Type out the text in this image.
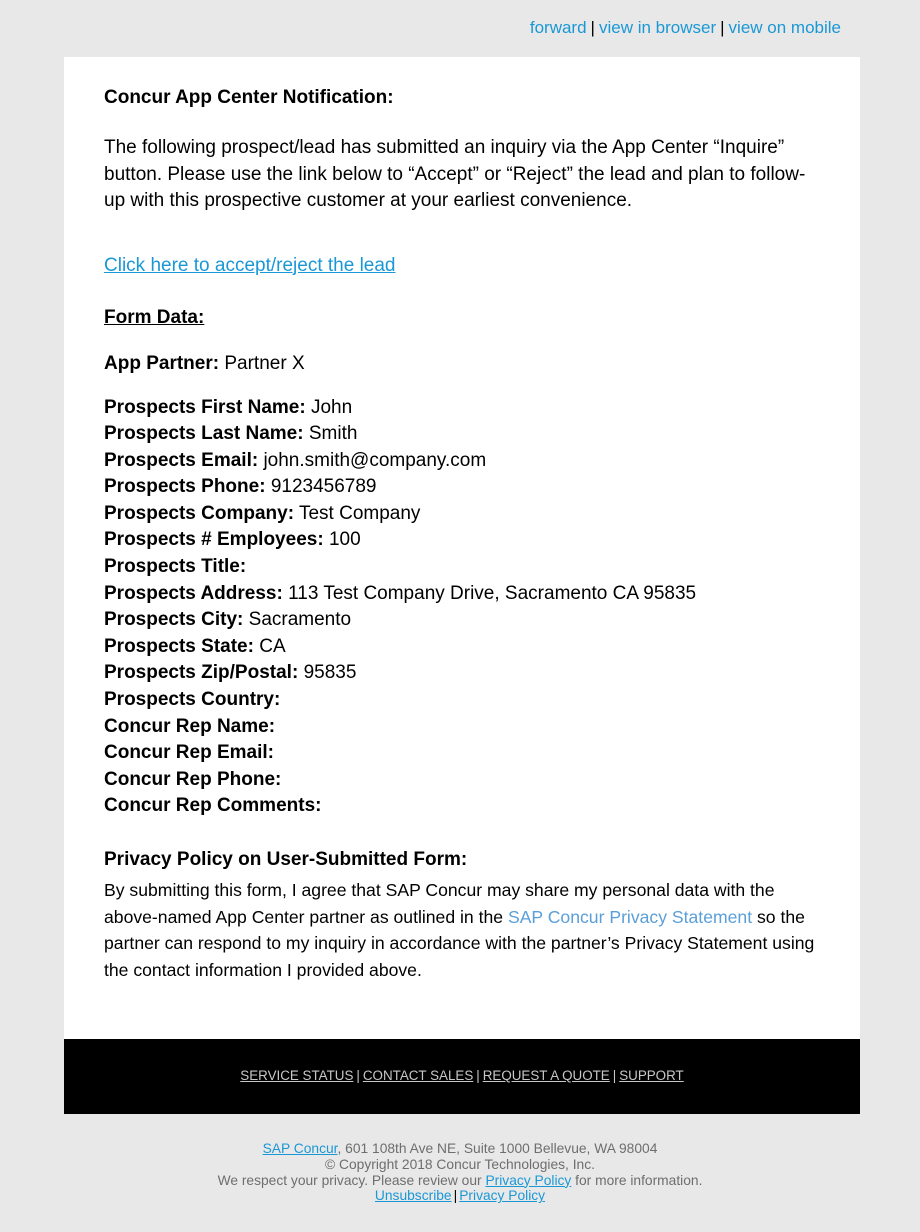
forward | view in browser | view on mobile

Concur App Center Notification:

The following prospect/lead has submitted an inquiry via the App Center “Inquire” button. Please use the link below to “Accept” or “Reject” the lead and plan to follow-up with this prospective customer at your earliest convenience.

Click here to accept/reject the lead
Form Data:
App Partner: Partner X
Prospects First Name: John
Prospects Last Name: Smith
Prospects Email: john.smith@company.com
Prospects Phone: 9123456789
Prospects Company: Test Company
Prospects # Employees: 100
Prospects Title:
Prospects Address: 113 Test Company Drive, Sacramento CA 95835
Prospects City: Sacramento
Prospects State: CA
Prospects Zip/Postal: 95835
Prospects Country:
Concur Rep Name:
Concur Rep Email:
Concur Rep Phone:
Concur Rep Comments:
Privacy Policy on User-Submitted Form:
By submitting this form, I agree that SAP Concur may share my personal data with the above-named App Center partner as outlined in the SAP Concur Privacy Statement so the partner can respond to my inquiry in accordance with the partner’s Privacy Statement using the contact information I provided above.
SERVICE STATUS | CONTACT SALES | REQUEST A QUOTE | SUPPORT
SAP Concur, 601 108th Ave NE, Suite 1000 Bellevue, WA 98004
© Copyright 2018 Concur Technologies, Inc.
We respect your privacy. Please review our Privacy Policy for more information.
Unsubscribe | Privacy Policy
